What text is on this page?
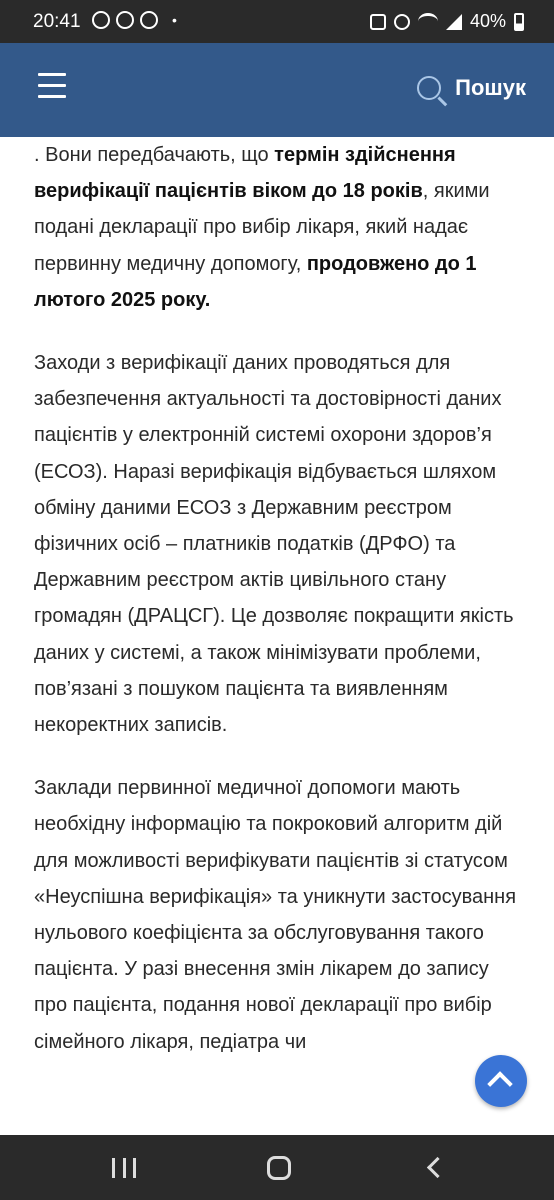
20:41	•	40%
Пошук

. Вони передбачають, що термін здійснення верифікації пацієнтів віком до 18 років, якими подані декларації про вибір лікаря, який надає первинну медичну допомогу, продовжено до 1 лютого 2025 року.

Заходи з верифікації даних проводяться для забезпечення актуальності та достовірності даних пацієнтів у електронній системі охорони здоров’я (ЕСОЗ). Наразі верифікація відбувається шляхом обміну даними ЕСОЗ з Державним реєстром фізичних осіб – платників податків (ДРФО) та Державним реєстром актів цивільного стану громадян (ДРАЦСГ). Це дозволяє покращити якість даних у системі, а також мінімізувати проблеми, пов’язані з пошуком пацієнта та виявленням некоректних записів.

Заклади первинної медичної допомоги мають необхідну інформацію та покроковий алгоритм дій для можливості верифікувати пацієнтів зі статусом «Неуспішна верифікація» та уникнути застосування нульового коефіцієнта за обслуговування такого пацієнта. У разі внесення змін лікарем до запису про пацієнта, подання нової декларації про вибір сімейного лікаря, педіатра чи
